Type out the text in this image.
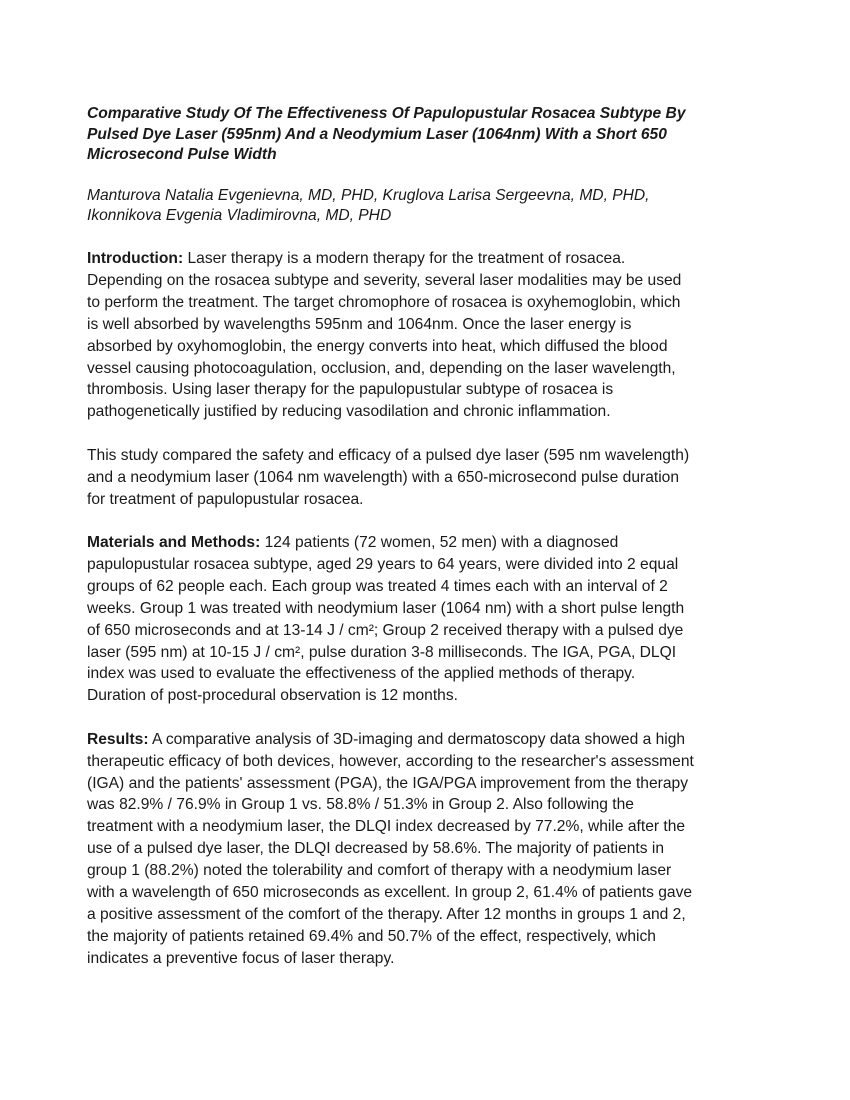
Comparative Study Of The Effectiveness Of Papulopustular Rosacea Subtype By
Pulsed Dye Laser (595nm) And a Neodymium Laser (1064nm) With a Short 650
Microsecond Pulse Width

Manturova Natalia Evgenievna, MD, PHD, Kruglova Larisa Sergeevna, MD, PHD,
Ikonnikova Evgenia Vladimirovna, MD, PHD

Introduction: Laser therapy is a modern therapy for the treatment of rosacea.
Depending on the rosacea subtype and severity, several laser modalities may be used
to perform the treatment. The target chromophore of rosacea is oxyhemoglobin, which
is well absorbed by wavelengths 595nm and 1064nm. Once the laser energy is
absorbed by oxyhomoglobin, the energy converts into heat, which diffused the blood
vessel causing photocoagulation, occlusion, and, depending on the laser wavelength,
thrombosis. Using laser therapy for the papulopustular subtype of rosacea is
pathogenetically justified by reducing vasodilation and chronic inflammation.

This study compared the safety and efficacy of a pulsed dye laser (595 nm wavelength)
and a neodymium laser (1064 nm wavelength) with a 650-microsecond pulse duration
for treatment of papulopustular rosacea.

Materials and Methods: 124 patients (72 women, 52 men) with a diagnosed
papulopustular rosacea subtype, aged 29 years to 64 years, were divided into 2 equal
groups of 62 people each. Each group was treated 4 times each with an interval of 2
weeks. Group 1 was treated with neodymium laser (1064 nm) with a short pulse length
of 650 microseconds and at 13-14 J / cm²; Group 2 received therapy with a pulsed dye
laser (595 nm) at 10-15 J / cm², pulse duration 3-8 milliseconds. The IGA, PGA, DLQI
index was used to evaluate the effectiveness of the applied methods of therapy.
Duration of post-procedural observation is 12 months.

Results: A comparative analysis of 3D-imaging and dermatoscopy data showed a high
therapeutic efficacy of both devices, however, according to the researcher's assessment
(IGA) and the patients' assessment (PGA), the IGA/PGA improvement from the therapy
was 82.9% / 76.9% in Group 1 vs. 58.8% / 51.3% in Group 2. Also following the
treatment with a neodymium laser, the DLQI index decreased by 77.2%, while after the
use of a pulsed dye laser, the DLQI decreased by 58.6%. The majority of patients in
group 1 (88.2%) noted the tolerability and comfort of therapy with a neodymium laser
with a wavelength of 650 microseconds as excellent. In group 2, 61.4% of patients gave
a positive assessment of the comfort of the therapy. After 12 months in groups 1 and 2,
the majority of patients retained 69.4% and 50.7% of the effect, respectively, which
indicates a preventive focus of laser therapy.
